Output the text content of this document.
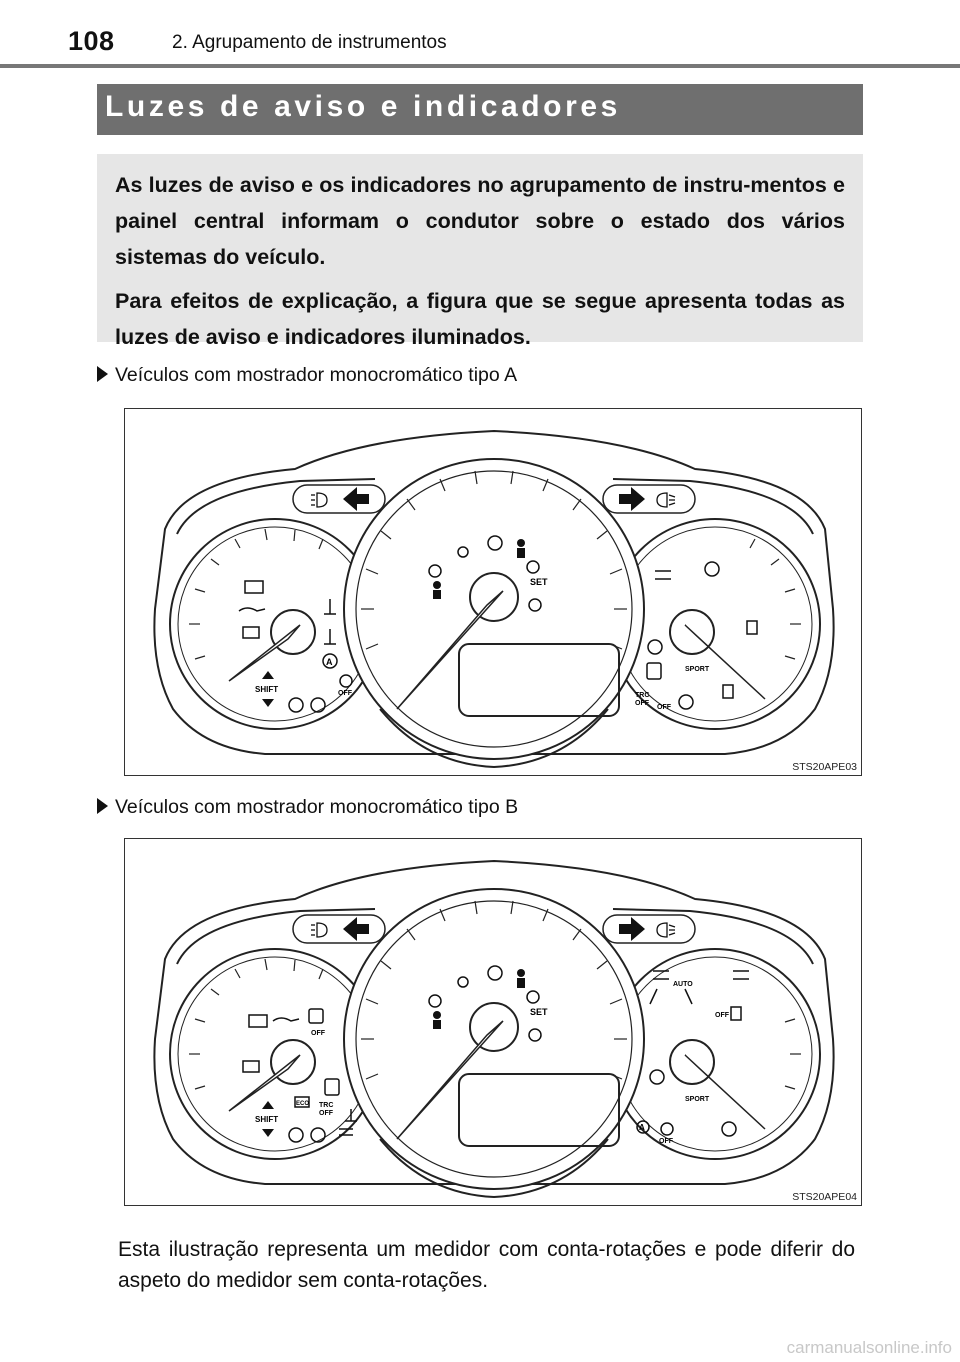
108	2. Agrupamento de instrumentos
Luzes de aviso e indicadores

As luzes de aviso e os indicadores no agrupamento de instru-mentos e painel central informam o condutor sobre o estado dos vários sistemas do veículo.

Para efeitos de explicação, a figura que se segue apresenta todas as luzes de aviso e indicadores iluminados.

Veículos com mostrador monocromático tipo A
SET
SHIFT
A
OFF
SPORT
TRC
OFF
OFF
STS20APE03
Veículos com mostrador monocromático tipo B
SET
SHIFT
ECO TRC
OFF
OFF
AUTO
OFF
SPORT
A
OFF
STS20APE04
Esta ilustração representa um medidor com conta-rotações e pode diferir do aspeto do medidor sem conta-rotações.
carmanualsonline.info
